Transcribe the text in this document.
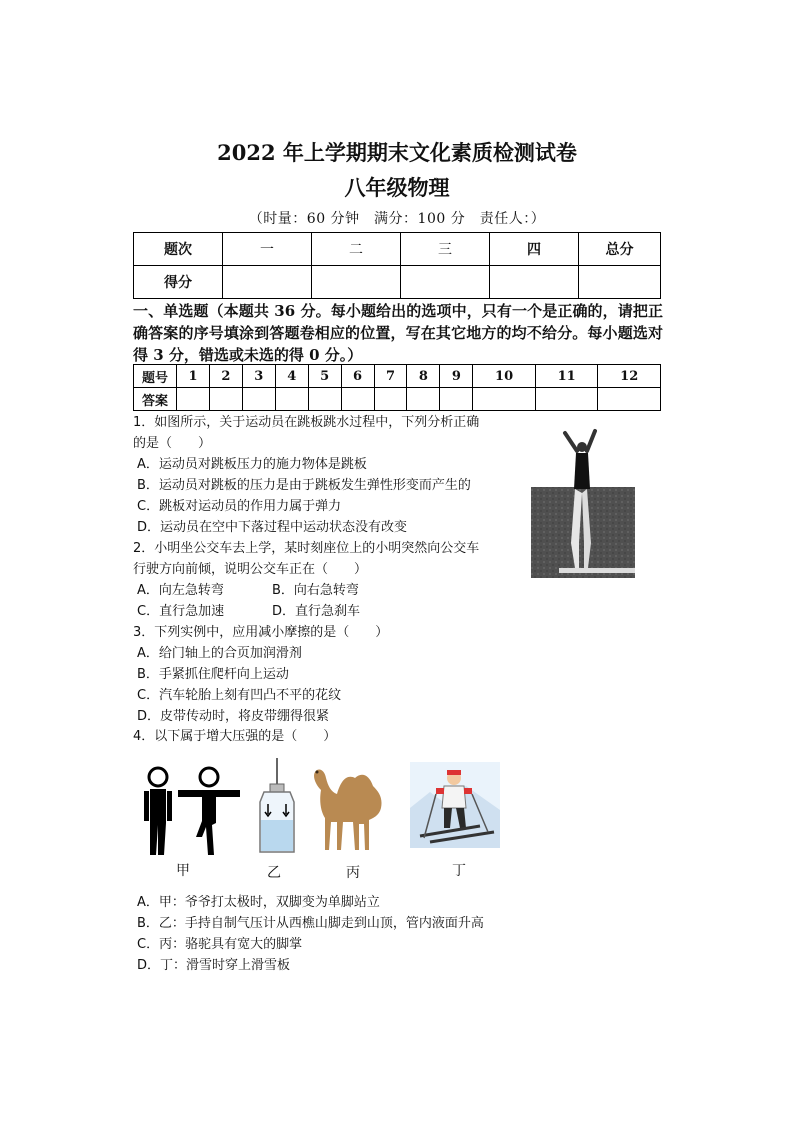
2022 年上学期期末文化素质检测试卷
八年级物理
（时量：60 分钟　满分：100 分　责任人：）
题次	一	二	三	四	总分
得分					
一、单选题（本题共 36 分。每小题给出的选项中，只有一个是正确的，请把正确答案的序号填涂到答题卷相应的位置，写在其它地方的均不给分。每小题选对得 3 分，错选或未选的得 0 分。）
题号	1	2	3	4	5	6	7	8	9	10	11	12
答案												
1．如图所示，关于运动员在跳板跳水过程中，下列分析正确
的是（　　）
A．运动员对跳板压力的施力物体是跳板
B．运动员对跳板的压力是由于跳板发生弹性形变而产生的
C．跳板对运动员的作用力属于弹力
D．运动员在空中下落过程中运动状态没有改变
2．小明坐公交车去上学，某时刻座位上的小明突然向公交车
行驶方向前倾，说明公交车正在（　　）
A．向左急转弯	B．向右急转弯
C．直行急加速	D．直行急刹车
3．下列实例中，应用减小摩擦的是（　　）
A．给门轴上的合页加润滑剂
B．手紧抓住爬杆向上运动
C．汽车轮胎上刻有凹凸不平的花纹
D．皮带传动时，将皮带绷得很紧
4．以下属于增大压强的是（　　）
甲	乙	丙	丁
A．甲：爷爷打太极时，双脚变为单脚站立
B．乙：手持自制气压计从西樵山脚走到山顶，管内液面升高
C．丙：骆驼具有宽大的脚掌
D．丁：滑雪时穿上滑雪板
